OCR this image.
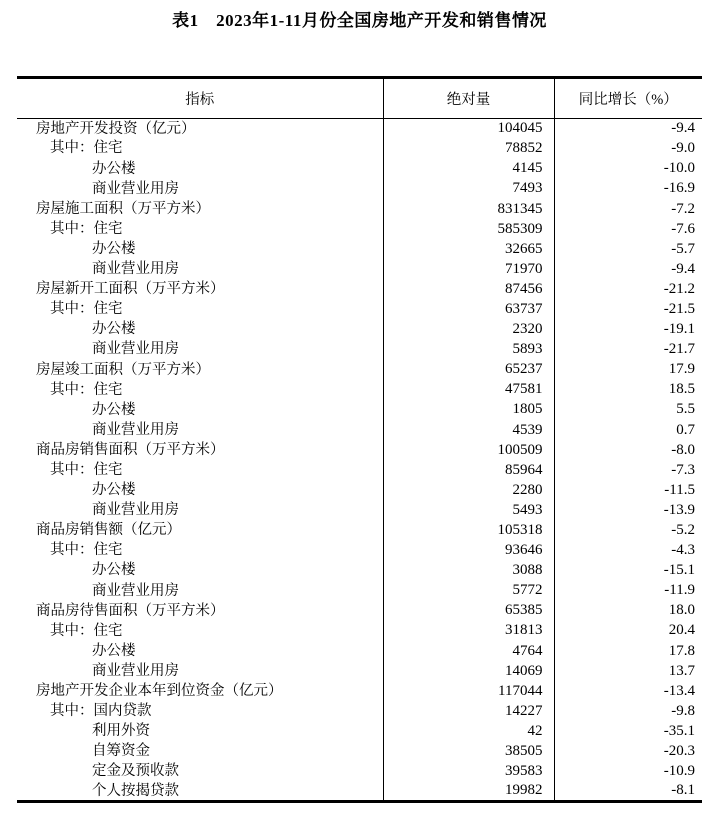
表1　2023年1-11月份全国房地产开发和销售情况
指标	绝对量	同比增长（%）
房地产开发投资（亿元）	104045	-9.4
其中：住宅	78852	-9.0
办公楼	4145	-10.0
商业营业用房	7493	-16.9
房屋施工面积（万平方米）	831345	-7.2
其中：住宅	585309	-7.6
办公楼	32665	-5.7
商业营业用房	71970	-9.4
房屋新开工面积（万平方米）	87456	-21.2
其中：住宅	63737	-21.5
办公楼	2320	-19.1
商业营业用房	5893	-21.7
房屋竣工面积（万平方米）	65237	17.9
其中：住宅	47581	18.5
办公楼	1805	5.5
商业营业用房	4539	0.7
商品房销售面积（万平方米）	100509	-8.0
其中：住宅	85964	-7.3
办公楼	2280	-11.5
商业营业用房	5493	-13.9
商品房销售额（亿元）	105318	-5.2
其中：住宅	93646	-4.3
办公楼	3088	-15.1
商业营业用房	5772	-11.9
商品房待售面积（万平方米）	65385	18.0
其中：住宅	31813	20.4
办公楼	4764	17.8
商业营业用房	14069	13.7
房地产开发企业本年到位资金（亿元）	117044	-13.4
其中：国内贷款	14227	-9.8
利用外资	42	-35.1
自筹资金	38505	-20.3
定金及预收款	39583	-10.9
个人按揭贷款	19982	-8.1
